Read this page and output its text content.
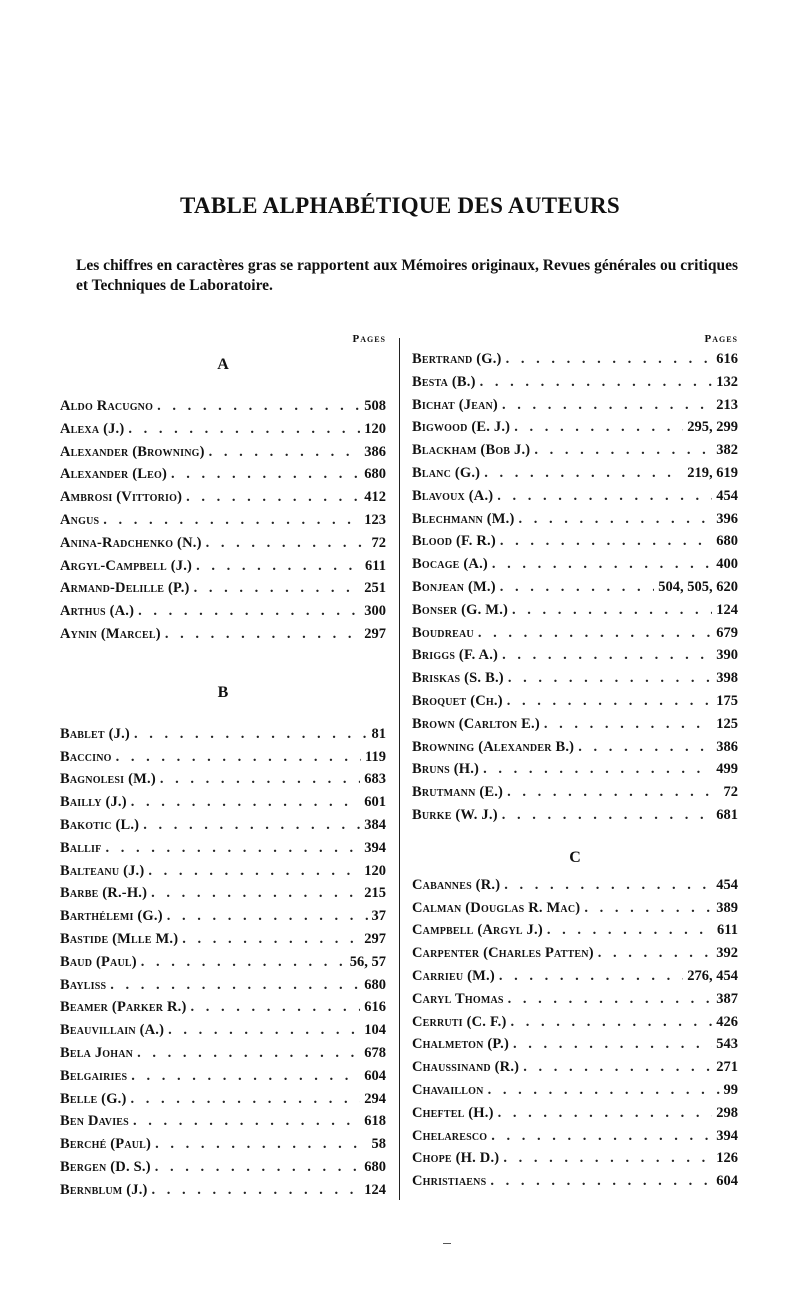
TABLE ALPHABÉTIQUE DES AUTEURS
Les chiffres en caractères gras se rapportent aux Mémoires originaux, Revues générales ou critiques et Techniques de Laboratoire.
Pages
A
Aldo Racugno . . .	508
Alexa (J.) . . .	120
Alexander (Browning) . . .	386
Alexander (Leo) . . .	680
Ambrosi (Vittorio) . . .	412
Angus . . .	123
Anina-Radchenko (N.) . . .	72
Argyl-Campbell (J.) . . .	611
Armand-Delille (P.) . . .	251
Arthus (A.) . . .	300
Aynin (Marcel) . . .	297
B
Bablet (J.) . . .	81
Baccino . . .	119
Bagnolesi (M.) . . .	683
Bailly (J.) . . .	601
Bakotic (L.) . . .	384
Ballif . . .	394
Balteanu (J.) . . .	120
Barbe (R.-H.) . . .	215
Barthélemi (G.) . . .	37
Bastide (Mlle M.) . . .	297
Baud (Paul) . . .	56, 57
Bayliss . . .	680
Beamer (Parker R.) . . .	616
Beauvillain (A.) . . .	104
Bela Johan . . .	678
Belgairies . . .	604
Belle (G.) . . .	294
Ben Davies . . .	618
Berché (Paul) . . .	58
Bergen (D. S.) . . .	680
Bernblum (J.) . . .	124
Pages
Bertrand (G.) . . .	616
Besta (B.) . . .	132
Bichat (Jean) . . .	213
Bigwood (E. J.) . . .	295, 299
Blackham (Bob J.) . . .	382
Blanc (G.) . . .	219, 619
Blavoux (A.) . . .	454
Blechmann (M.) . . .	396
Blood (F. R.) . . .	680
Bocage (A.) . . .	400
Bonjean (M.) . . .	504, 505, 620
Bonser (G. M.) . . .	124
Boudreau . . .	679
Briggs (F. A.) . . .	390
Briskas (S. B.) . . .	398
Broquet (Ch.) . . .	175
Brown (Carlton E.) . . .	125
Browning (Alexander B.) . . .	386
Bruns (H.) . . .	499
Brutmann (E.) . . .	72
Burke (W. J.) . . .	681
C
Cabannes (R.) . . .	454
Calman (Douglas R. Mac) . . .	389
Campbell (Argyl J.) . . .	611
Carpenter (Charles Patten) . . .	392
Carrieu (M.) . . .	276, 454
Caryl Thomas . . .	387
Cerruti (C. F.) . . .	426
Chalmeton (P.) . . .	543
Chaussinand (R.) . . .	271
Chavaillon . . .	99
Cheftel (H.) . . .	298
Chelaresco . . .	394
Chope (H. D.) . . .	126
Christiaens . . .	604
